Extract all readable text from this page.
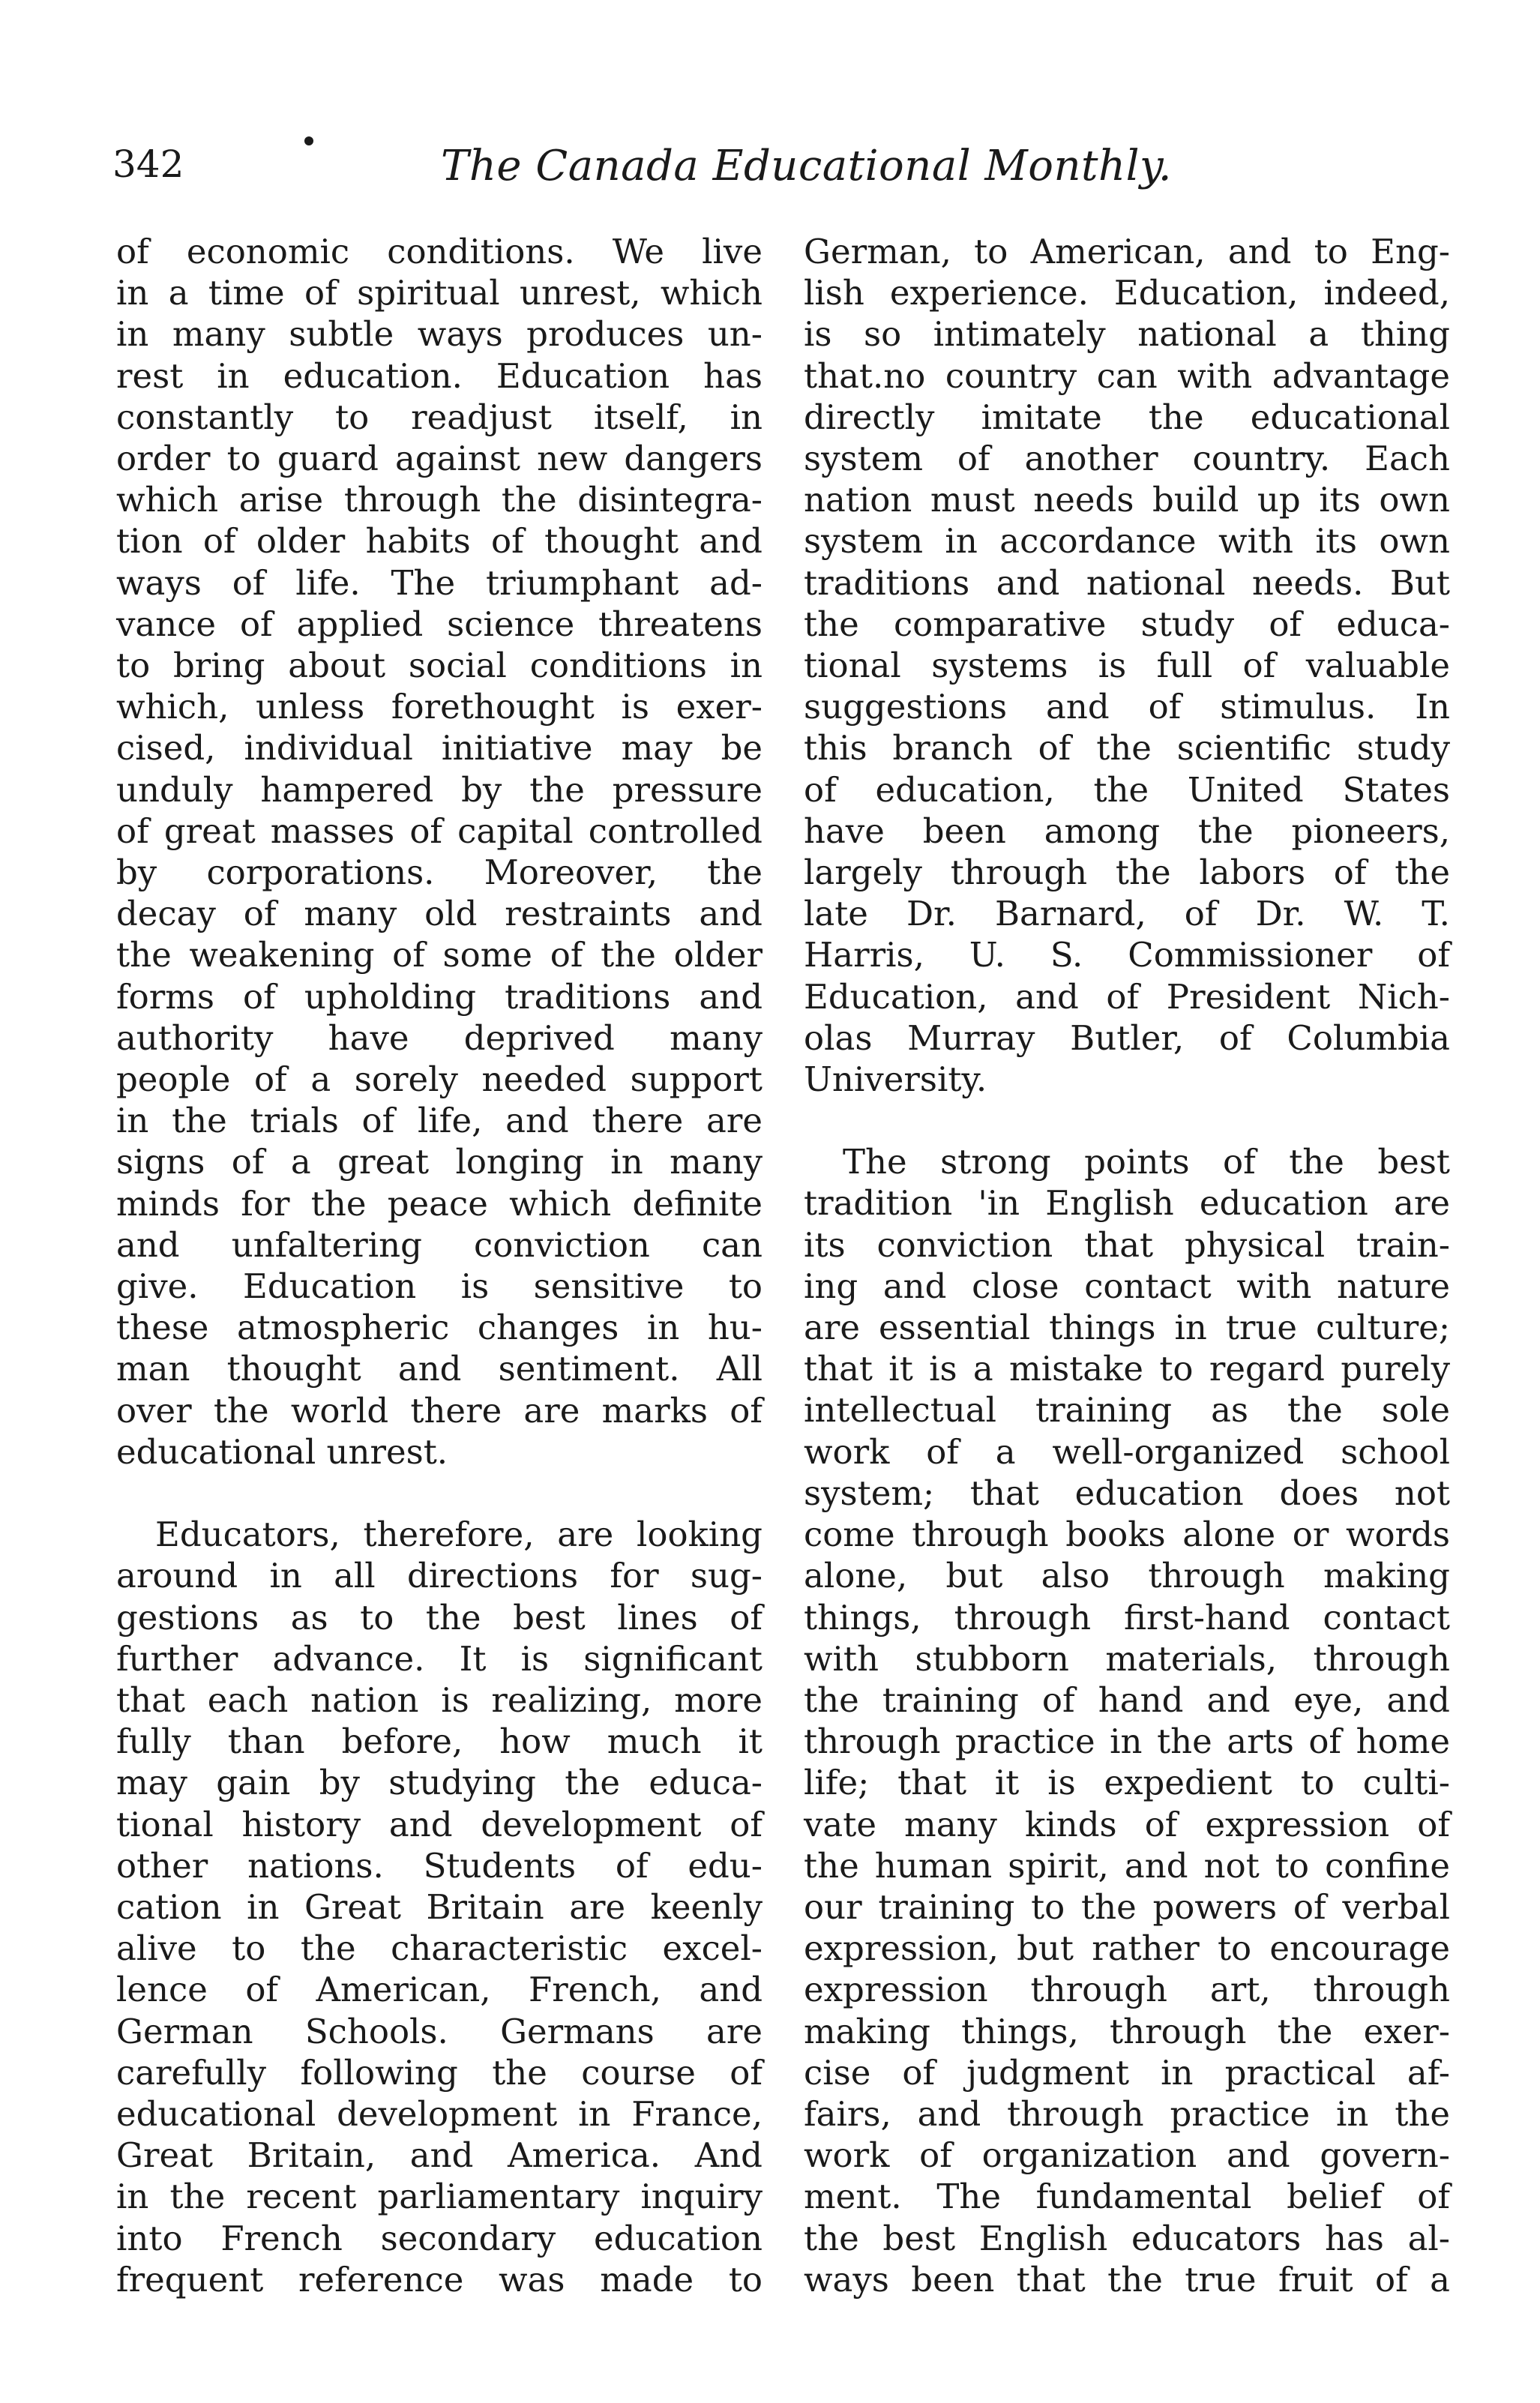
342	The Canada Educational Monthly.

of economic conditions. We live
in a time of spiritual unrest, which
in many subtle ways produces un-
rest in education. Education has
constantly to readjust itself, in
order to guard against new dangers
which arise through the disintegra-
tion of older habits of thought and
ways of life. The triumphant ad-
vance of applied science threatens
to bring about social conditions in
which, unless forethought is exer-
cised, individual initiative may be
unduly hampered by the pressure
of great masses of capital controlled
by corporations. Moreover, the
decay of many old restraints and
the weakening of some of the older
forms of upholding traditions and
authority have deprived many
people of a sorely needed support
in the trials of life, and there are
signs of a great longing in many
minds for the peace which definite
and unfaltering conviction can
give. Education is sensitive to
these atmospheric changes in hu-
man thought and sentiment. All
over the world there are marks of
educational unrest.

Educators, therefore, are looking
around in all directions for sug-
gestions as to the best lines of
further advance. It is significant
that each nation is realizing, more
fully than before, how much it
may gain by studying the educa-
tional history and development of
other nations. Students of edu-
cation in Great Britain are keenly
alive to the characteristic excel-
lence of American, French, and
German Schools. Germans are
carefully following the course of
educational development in France,
Great Britain, and America. And
in the recent parliamentary inquiry
into French secondary education
frequent reference was made to

German, to American, and to Eng-
lish experience. Education, indeed,
is so intimately national a thing
that.no country can with advantage
directly imitate the educational
system of another country. Each
nation must needs build up its own
system in accordance with its own
traditions and national needs. But
the comparative study of educa-
tional systems is full of valuable
suggestions and of stimulus. In
this branch of the scientific study
of education, the United States
have been among the pioneers,
largely through the labors of the
late Dr. Barnard, of Dr. W. T.
Harris, U. S. Commissioner of
Education, and of President Nich-
olas Murray Butler, of Columbia
University.

The strong points of the best
tradition 'in English education are
its conviction that physical train-
ing and close contact with nature
are essential things in true culture;
that it is a mistake to regard purely
intellectual training as the sole
work of a well-organized school
system; that education does not
come through books alone or words
alone, but also through making
things, through first-hand contact
with stubborn materials, through
the training of hand and eye, and
through practice in the arts of home
life; that it is expedient to culti-
vate many kinds of expression of
the human spirit, and not to confine
our training to the powers of verbal
expression, but rather to encourage
expression through art, through
making things, through the exer-
cise of judgment in practical af-
fairs, and through practice in the
work of organization and govern-
ment. The fundamental belief of
the best English educators has al-
ways been that the true fruit of a
